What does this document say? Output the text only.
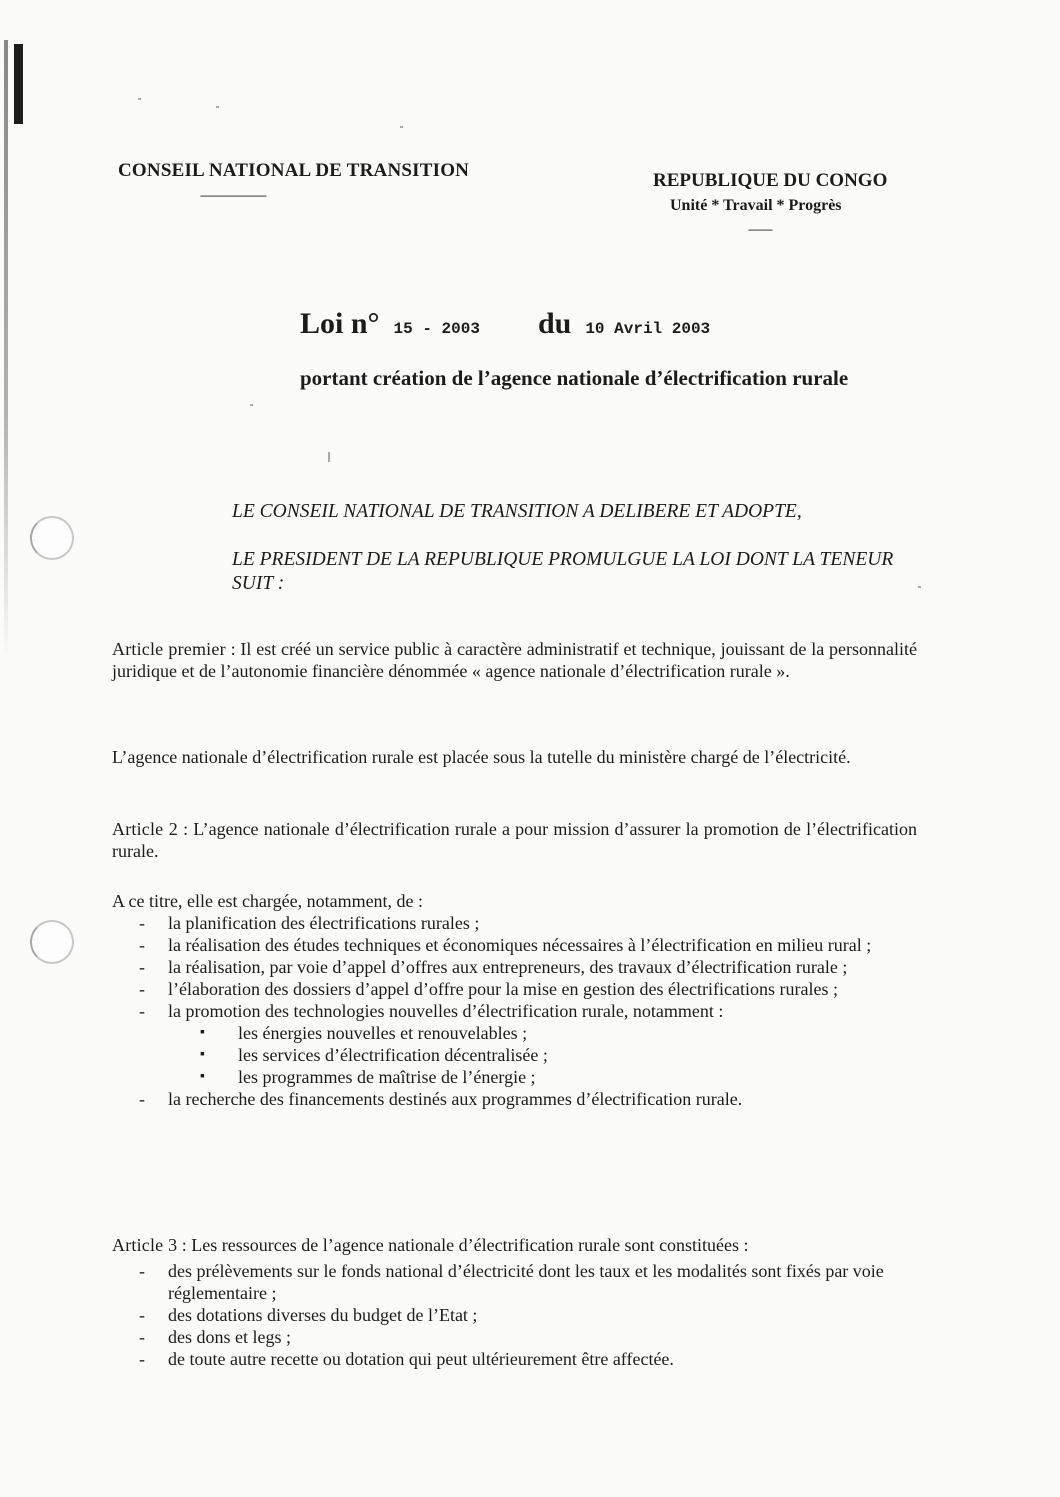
CONSEIL NATIONAL DE TRANSITION
----------------------
REPUBLIQUE DU CONGO
Unité * Travail * Progrès
--------
Loi n° 15 - 2003 du 10 Avril 2003
portant création de l’agence nationale d’électrification rurale
LE CONSEIL NATIONAL DE TRANSITION A DELIBERE ET ADOPTE,
LE PRESIDENT DE LA REPUBLIQUE PROMULGUE LA LOI DONT LA TENEUR SUIT :
Article premier : Il est créé un service public à caractère administratif et technique, jouissant de la personnalité juridique et de l’autonomie financière dénommée « agence nationale d’électrification rurale ».
L’agence nationale d’électrification rurale est placée sous la tutelle du ministère chargé de l’électricité.
Article 2 : L’agence nationale d’électrification rurale a pour mission d’assurer la promotion de l’électrification rurale.
A ce titre, elle est chargée, notamment, de :
- la planification des électrifications rurales ;
- la réalisation des études techniques et économiques nécessaires à l’électrification en milieu rural ;
- la réalisation, par voie d’appel d’offres aux entrepreneurs, des travaux d’électrification rurale ;
- l’élaboration des dossiers d’appel d’offre pour la mise en gestion des électrifications rurales ;
- la promotion des technologies nouvelles d’électrification rurale, notamment :
▪ les énergies nouvelles et renouvelables ;
▪ les services d’électrification décentralisée ;
▪ les programmes de maîtrise de l’énergie ;
- la recherche des financements destinés aux programmes d’électrification rurale.
Article 3 : Les ressources de l’agence nationale d’électrification rurale sont constituées :
- des prélèvements sur le fonds national d’électricité dont les taux et les modalités sont fixés par voie réglementaire ;
- des dotations diverses du budget de l’Etat ;
- des dons et legs ;
- de toute autre recette ou dotation qui peut ultérieurement être affectée.
